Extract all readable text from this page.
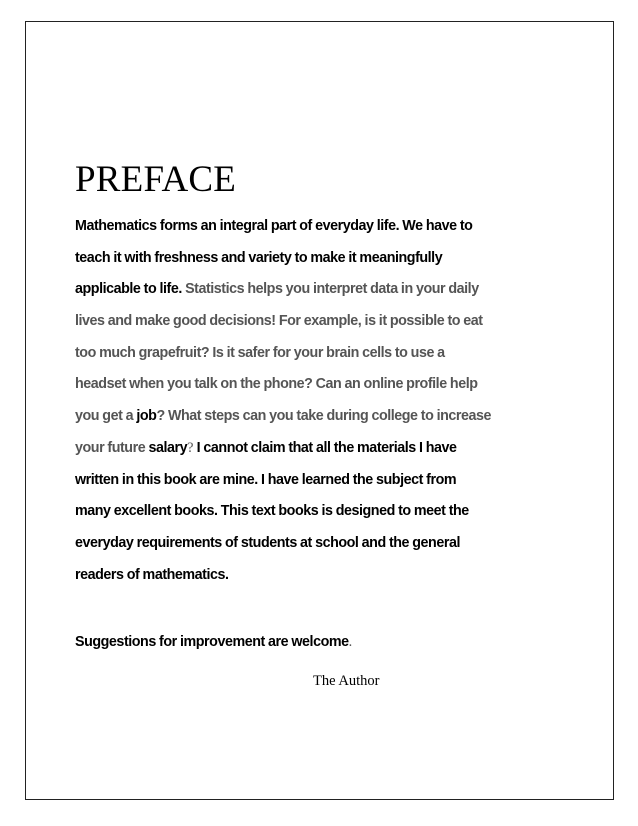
PREFACE
Mathematics forms an integral part of everyday life. We have to
teach it with freshness and variety to make it meaningfully
applicable to life. Statistics helps you interpret data in your daily
lives and make good decisions! For example, is it possible to eat
too much grapefruit? Is it safer for your brain cells to use a
headset when you talk on the phone? Can an online profile help
you get a job? What steps can you take during college to increase
your future salary? I cannot claim that all the materials I have
written in this book are mine. I have learned the subject from
many excellent books. This text books is designed to meet the
everyday requirements of students at school and the general
readers of mathematics.
Suggestions for improvement are welcome.
The Author
